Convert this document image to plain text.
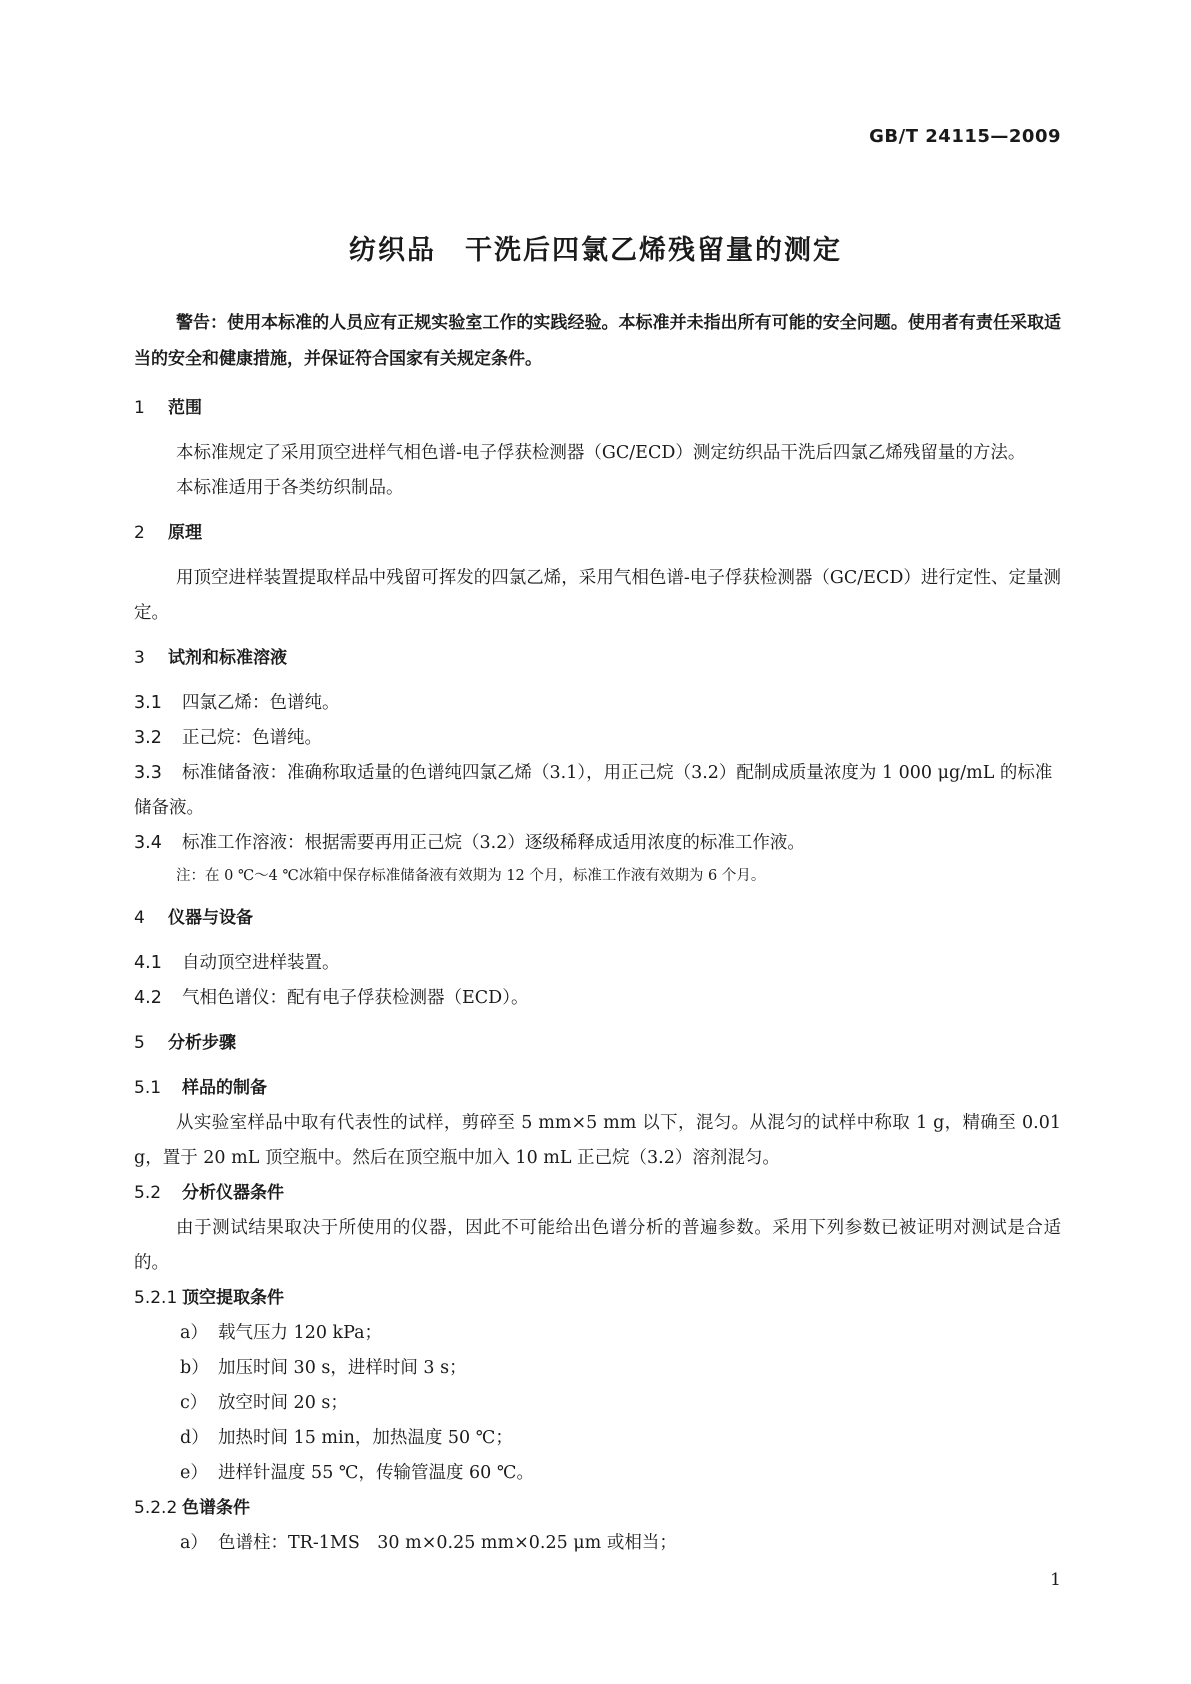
GB/T 24115—2009
纺织品　干洗后四氯乙烯残留量的测定

警告：使用本标准的人员应有正规实验室工作的实践经验。本标准并未指出所有可能的安全问题。使用者有责任采取适当的安全和健康措施，并保证符合国家有关规定条件。

1 范围

本标准规定了采用顶空进样气相色谱-电子俘获检测器（GC/ECD）测定纺织品干洗后四氯乙烯残留量的方法。

本标准适用于各类纺织制品。

2 原理

用顶空进样装置提取样品中残留可挥发的四氯乙烯，采用气相色谱-电子俘获检测器（GC/ECD）进行定性、定量测定。

3 试剂和标准溶液

3.1 四氯乙烯：色谱纯。

3.2 正己烷：色谱纯。

3.3 标准储备液：准确称取适量的色谱纯四氯乙烯（3.1），用正己烷（3.2）配制成质量浓度为 1 000 μg/mL 的标准储备液。

3.4 标准工作溶液：根据需要再用正己烷（3.2）逐级稀释成适用浓度的标准工作液。

注：在 0 ℃～4 ℃冰箱中保存标准储备液有效期为 12 个月，标准工作液有效期为 6 个月。

4 仪器与设备

4.1 自动顶空进样装置。

4.2 气相色谱仪：配有电子俘获检测器（ECD）。

5 分析步骤

5.1 样品的制备

从实验室样品中取有代表性的试样，剪碎至 5 mm×5 mm 以下，混匀。从混匀的试样中称取 1 g，精确至 0.01 g，置于 20 mL 顶空瓶中。然后在顶空瓶中加入 10 mL 正己烷（3.2）溶剂混匀。

5.2 分析仪器条件

由于测试结果取决于所使用的仪器，因此不可能给出色谱分析的普遍参数。采用下列参数已被证明对测试是合适的。

5.2.1 顶空提取条件

a） 载气压力 120 kPa；

b） 加压时间 30 s，进样时间 3 s；

c） 放空时间 20 s；

d） 加热时间 15 min，加热温度 50 ℃；

e） 进样针温度 55 ℃，传输管温度 60 ℃。

5.2.2 色谱条件

a） 色谱柱：TR-1MS　30 m×0.25 mm×0.25 μm 或相当；

1
